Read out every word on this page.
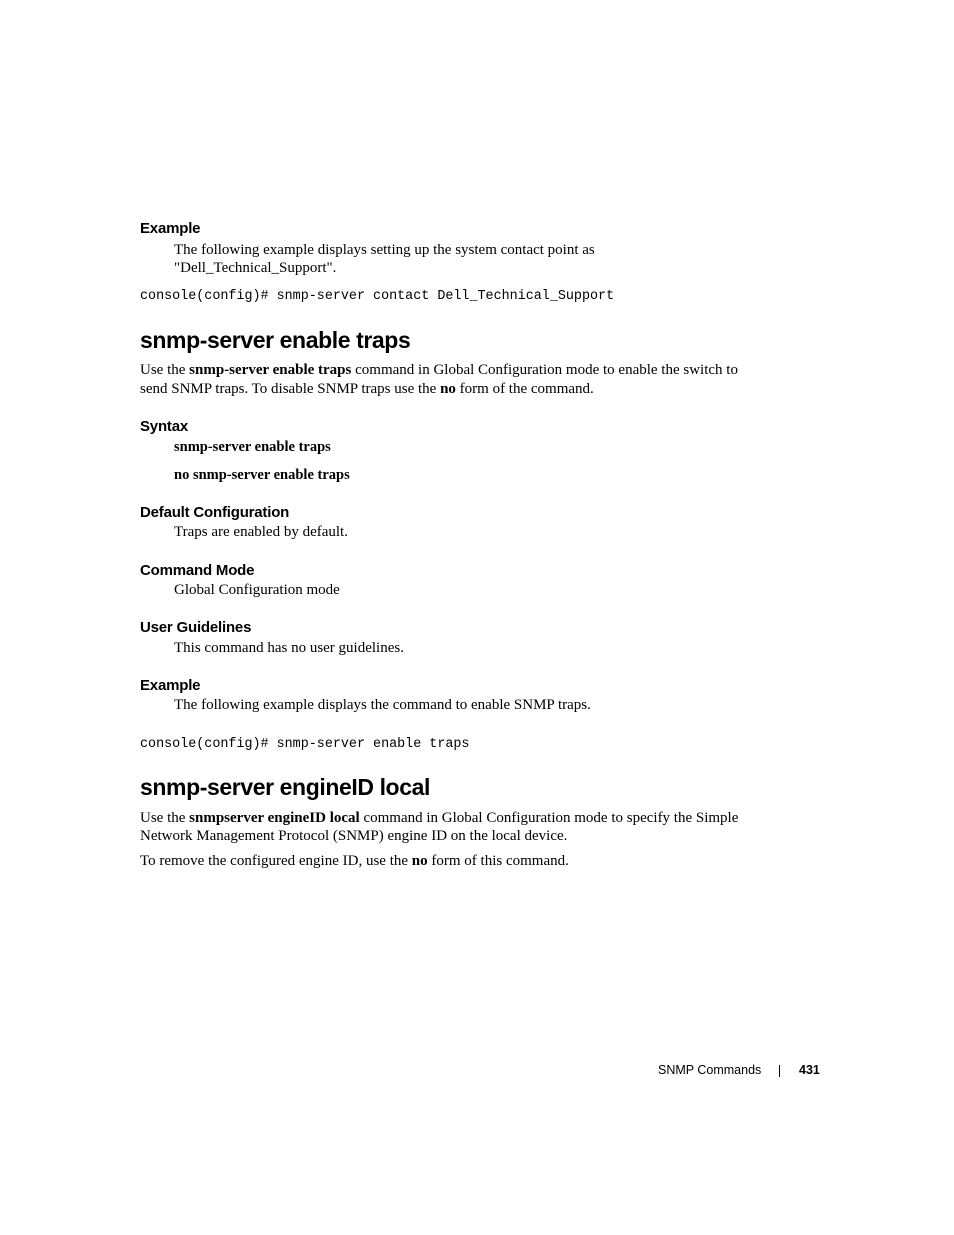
Example
The following example displays setting up the system contact point as
"Dell_Technical_Support".
console(config)# snmp-server contact Dell_Technical_Support
snmp-server enable traps
Use the snmp-server enable traps command in Global Configuration mode to enable the switch to
send SNMP traps. To disable SNMP traps use the no form of the command.
Syntax
snmp-server enable traps
no snmp-server enable traps
Default Configuration
Traps are enabled by default.
Command Mode
Global Configuration mode
User Guidelines
This command has no user guidelines.
Example
The following example displays the command to enable SNMP traps.
console(config)# snmp-server enable traps
snmp-server engineID local
Use the snmpserver engineID local command in Global Configuration mode to specify the Simple
Network Management Protocol (SNMP) engine ID on the local device.
To remove the configured engine ID, use the no form of this command.
SNMP Commands	431
